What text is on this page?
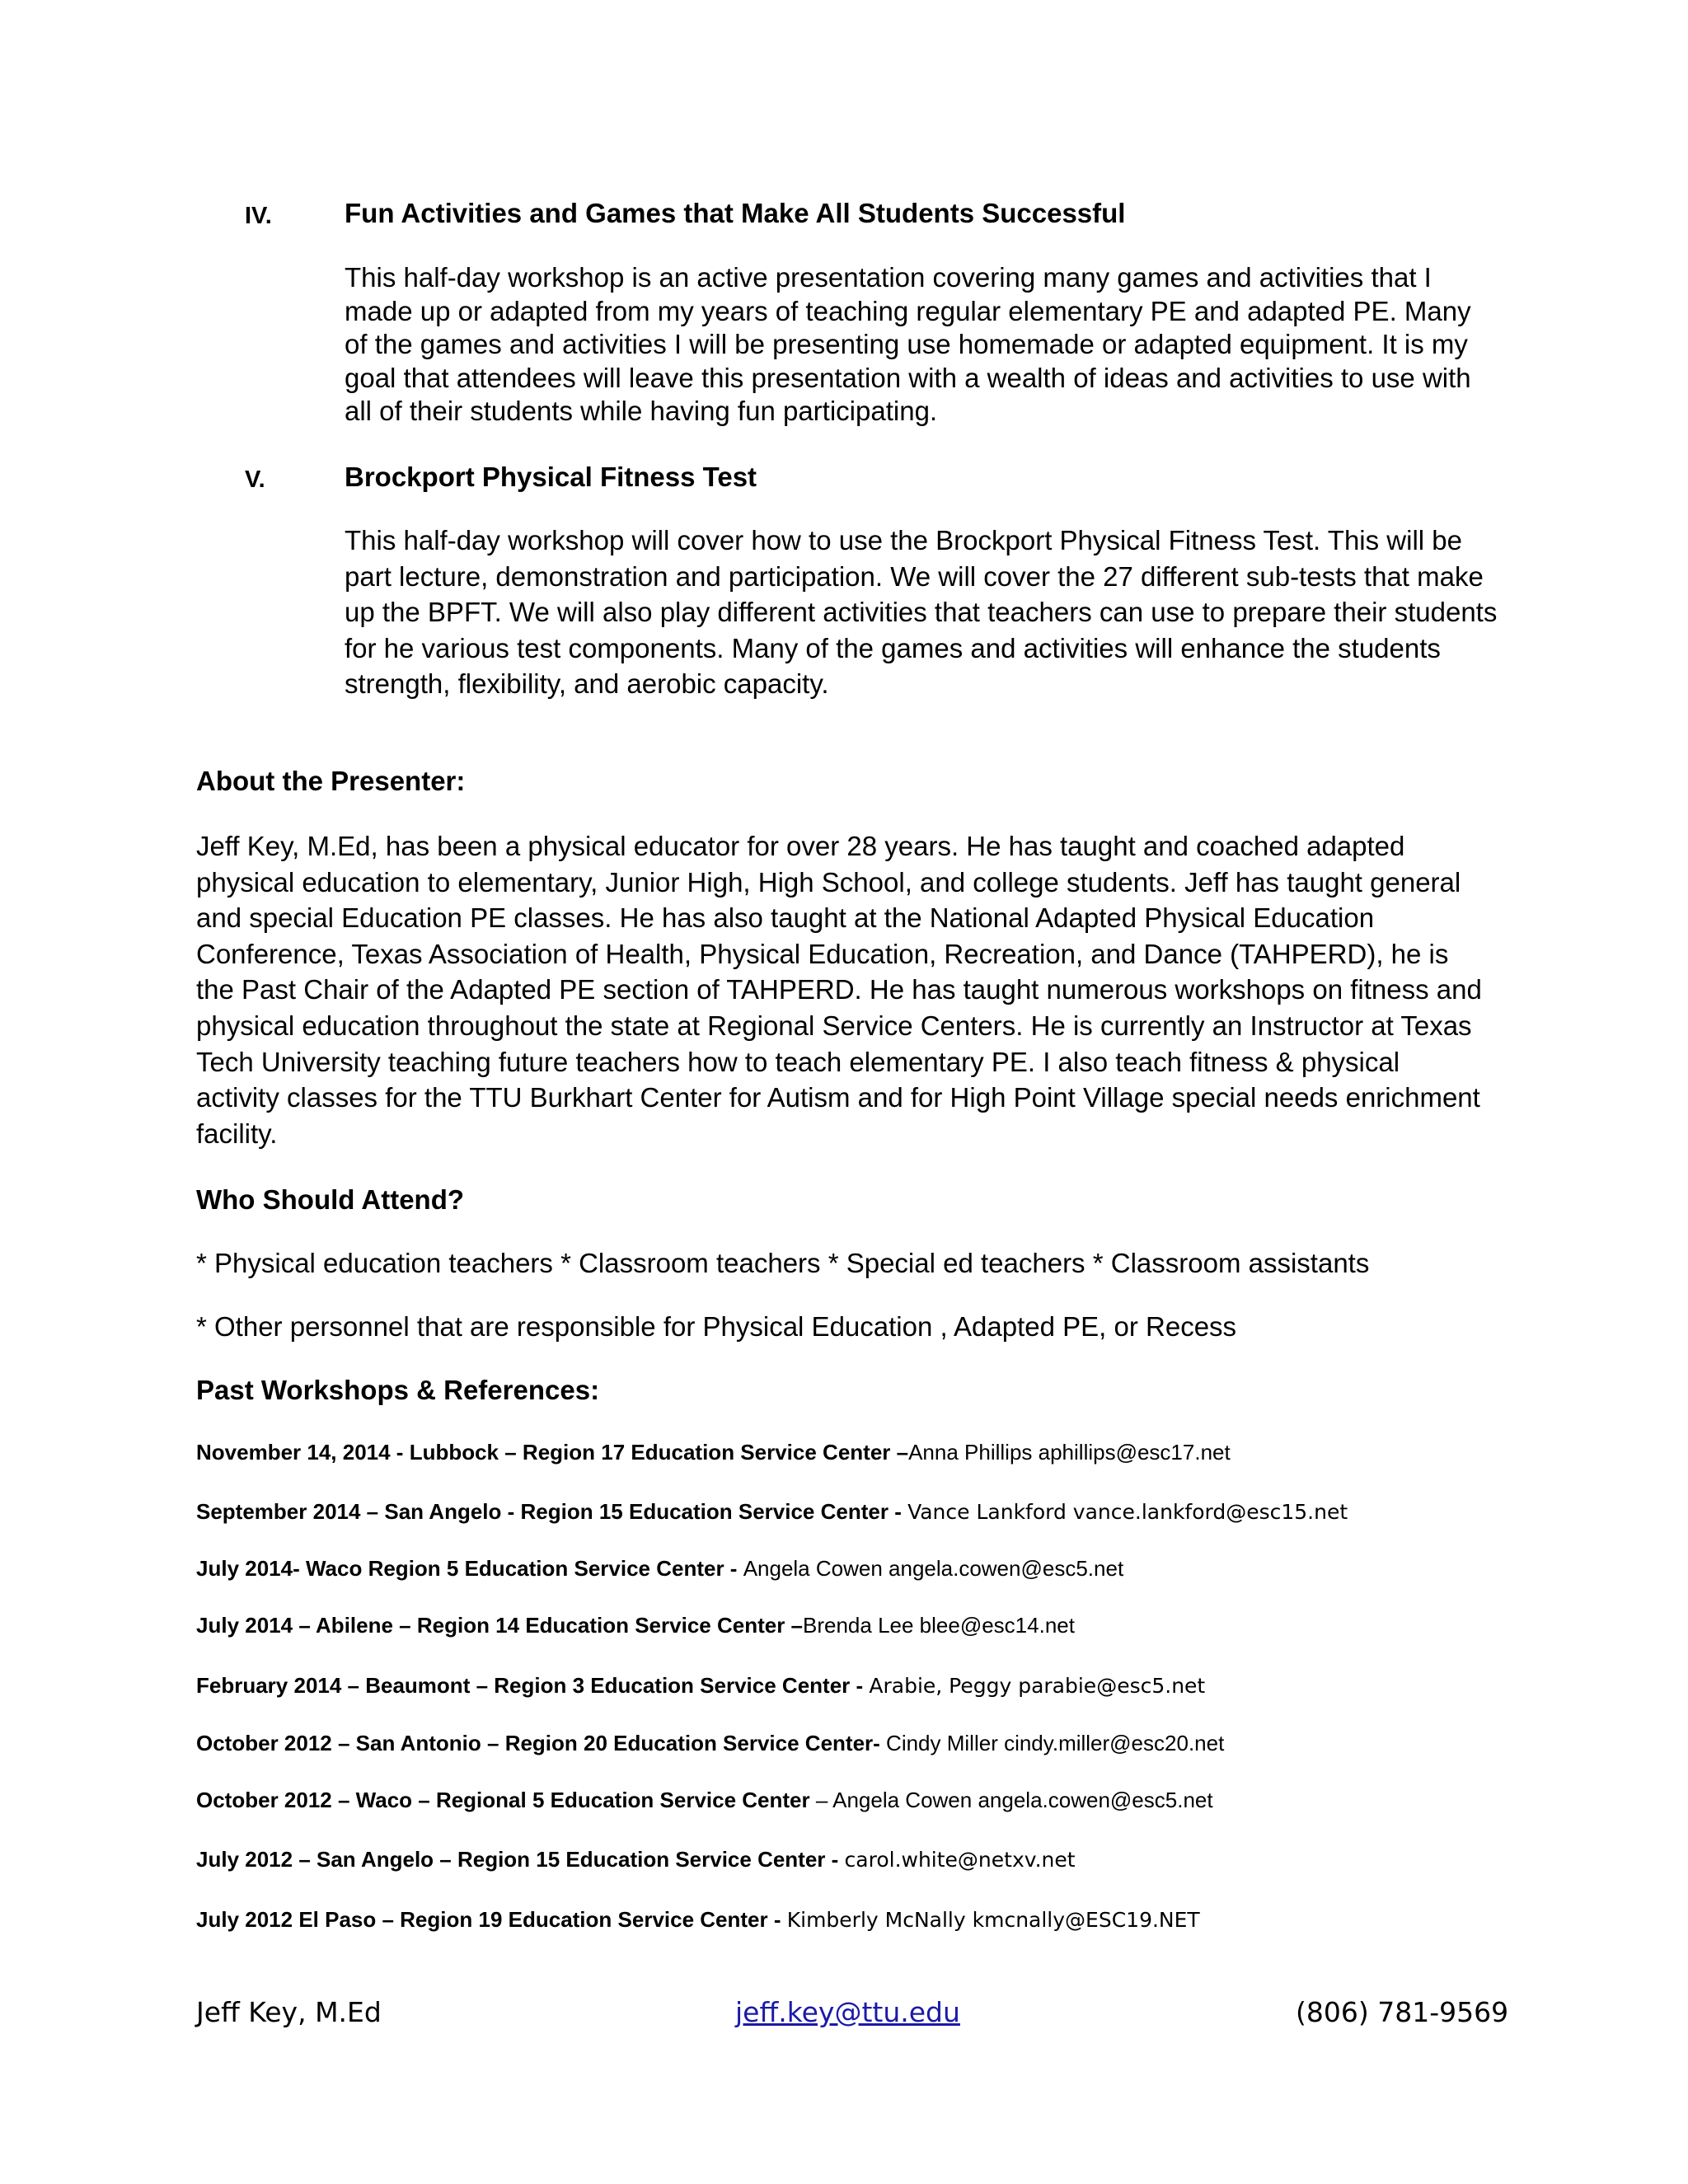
IV.	Fun Activities and Games that Make All Students Successful
This half-day workshop is an active presentation covering many games and activities that I made up or adapted from my years of teaching regular elementary PE and adapted PE. Many of the games and activities I will be presenting use homemade or adapted equipment. It is my goal that attendees will leave this presentation with a wealth of ideas and activities to use with all of their students while having fun participating.
V.	Brockport Physical Fitness Test
This half-day workshop will cover how to use the Brockport Physical Fitness Test. This will be part lecture, demonstration and participation. We will cover the 27 different sub-tests that make up the BPFT. We will also play different activities that teachers can use to prepare their students for he various test components. Many of the games and activities will enhance the students strength, flexibility, and aerobic capacity.
About the Presenter:
Jeff Key, M.Ed, has been a physical educator for over 28 years. He has taught and coached adapted physical education to elementary, Junior High, High School, and college students. Jeff has taught general and special Education PE classes. He has also taught at the National Adapted Physical Education Conference, Texas Association of Health, Physical Education, Recreation, and Dance (TAHPERD), he is the Past Chair of the Adapted PE section of TAHPERD. He has taught numerous workshops on fitness and physical education throughout the state at Regional Service Centers. He is currently an Instructor at Texas Tech University teaching future teachers how to teach elementary PE. I also teach fitness & physical activity classes for the TTU Burkhart Center for Autism and for High Point Village special needs enrichment facility.
Who Should Attend?
* Physical education teachers * Classroom teachers * Special ed teachers * Classroom assistants
* Other personnel that are responsible for Physical Education , Adapted PE, or Recess
Past Workshops & References:
November 14, 2014 - Lubbock – Region 17 Education Service Center –Anna Phillips aphillips@esc17.net
September 2014 – San Angelo - Region 15 Education Service Center - Vance Lankford vance.lankford@esc15.net
July 2014- Waco Region 5 Education Service Center - Angela Cowen angela.cowen@esc5.net
July 2014 – Abilene – Region 14 Education Service Center –Brenda Lee blee@esc14.net
February 2014 – Beaumont – Region 3 Education Service Center - Arabie, Peggy parabie@esc5.net
October 2012 – San Antonio – Region 20 Education Service Center- Cindy Miller cindy.miller@esc20.net
October 2012 – Waco – Regional 5 Education Service Center – Angela Cowen angela.cowen@esc5.net
July 2012 – San Angelo – Region 15 Education Service Center - carol.white@netxv.net
July 2012 El Paso – Region 19 Education Service Center - Kimberly McNally kmcnally@ESC19.NET
Jeff Key, M.Ed	jeff.key@ttu.edu	(806) 781-9569
